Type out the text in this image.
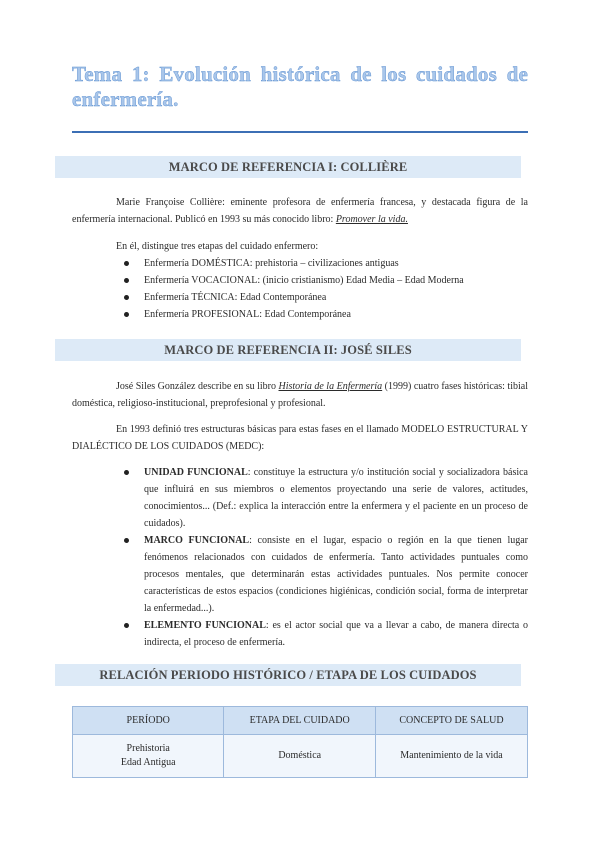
Tema 1: Evolución histórica de los cuidados de enfermería.
MARCO DE REFERENCIA I: COLLIÈRE
Marie Françoise Collière: eminente profesora de enfermería francesa, y destacada figura de la enfermería internacional. Publicó en 1993 su más conocido libro: Promover la vida.
En él, distingue tres etapas del cuidado enfermero:
Enfermería DOMÉSTICA: prehistoria – civilizaciones antiguas
Enfermería VOCACIONAL: (inicio cristianismo) Edad Media – Edad Moderna
Enfermería TÉCNICA: Edad Contemporánea
Enfermería PROFESIONAL: Edad Contemporánea
MARCO DE REFERENCIA II: JOSÉ SILES
José Siles González describe en su libro Historia de la Enfermería (1999) cuatro fases históricas: tibial doméstica, religioso-institucional, preprofesional y profesional.
En 1993 definió tres estructuras básicas para estas fases en el llamado MODELO ESTRUCTURAL Y DIALÉCTICO DE LOS CUIDADOS (MEDC):
UNIDAD FUNCIONAL: constituye la estructura y/o institución social y socializadora básica que influirá en sus miembros o elementos proyectando una serie de valores, actitudes, conocimientos... (Def.: explica la interacción entre la enfermera y el paciente en un proceso de cuidados).
MARCO FUNCIONAL: consiste en el lugar, espacio o región en la que tienen lugar fenómenos relacionados con cuidados de enfermería. Tanto actividades puntuales como procesos mentales, que determinarán estas actividades puntuales. Nos permite conocer características de estos espacios (condiciones higiénicas, condición social, forma de interpretar la enfermedad...).
ELEMENTO FUNCIONAL: es el actor social que va a llevar a cabo, de manera directa o indirecta, el proceso de enfermería.
RELACIÓN PERIODO HISTÓRICO / ETAPA DE LOS CUIDADOS
PERÍODO	ETAPA DEL CUIDADO	CONCEPTO DE SALUD

Prehistoria
Edad Antigua	Doméstica	Mantenimiento de la vida
